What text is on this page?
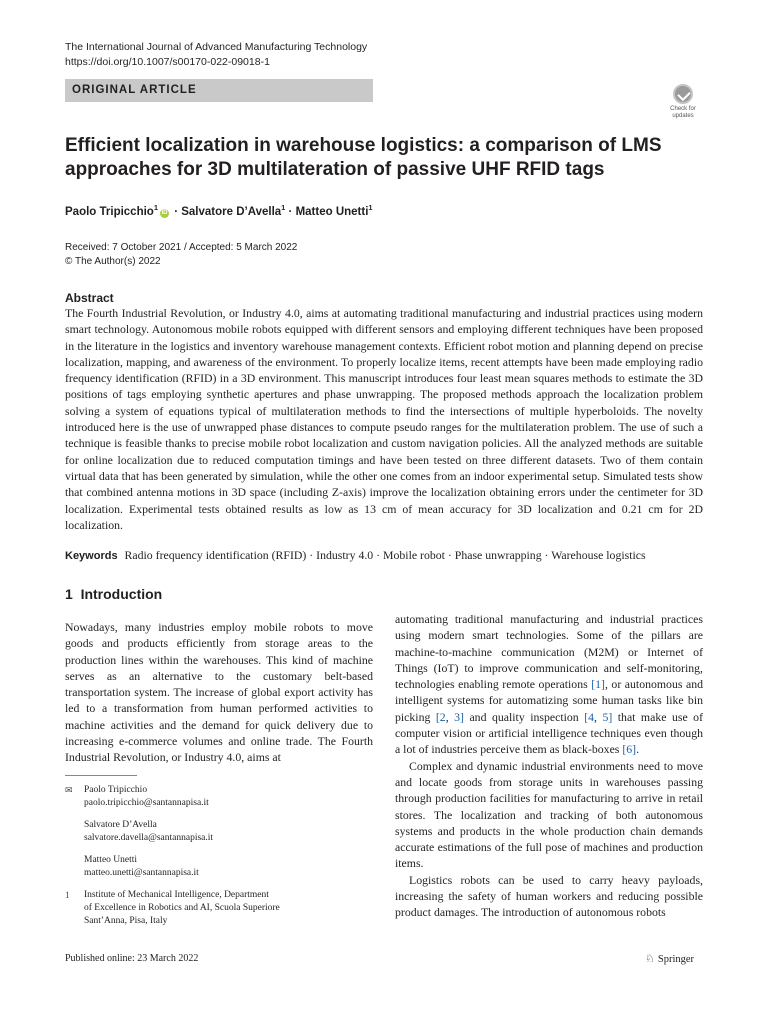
The International Journal of Advanced Manufacturing Technology
https://doi.org/10.1007/s00170-022-09018-1
ORIGINAL ARTICLE
Check for
updates
Efficient localization in warehouse logistics: a comparison of LMS approaches for 3D multilateration of passive UHF RFID tags
Paolo Tripicchio$^1$iD · Salvatore D’Avella$^1$ · Matteo Unetti$^1$
Received: 7 October 2021 / Accepted: 5 March 2022
© The Author(s) 2022
Abstract
The Fourth Industrial Revolution, or Industry 4.0, aims at automating traditional manufacturing and industrial practices using modern smart technology. Autonomous mobile robots equipped with different sensors and employing different techniques have been proposed in the literature in the logistics and inventory warehouse management contexts. Efficient robot motion and planning depend on precise localization, mapping, and awareness of the environment. To properly localize items, recent attempts have been made employing radio frequency identification (RFID) in a 3D environment. This manuscript introduces four least mean squares methods to estimate the 3D positions of tags employing synthetic apertures and phase unwrapping. The proposed methods approach the localization problem solving a system of equations typical of multilateration methods to find the intersections of multiple hyperboloids. The novelty introduced here is the use of unwrapped phase distances to compute pseudo ranges for the multilateration problem. The use of such a technique is feasible thanks to precise mobile robot localization and custom navigation policies. All the analyzed methods are suitable for online localization due to reduced computation timings and have been tested on three different datasets. Two of them contain virtual data that has been generated by simulation, while the other one comes from an indoor experimental setup. Simulated tests show that combined antenna motions in 3D space (including Z-axis) improve the localization obtaining errors under the centimeter for 3D localization. Experimental tests obtained results as low as 13 cm of mean accuracy for 3D localization and 0.21 cm for 2D localization.
Keywords Radio frequency identification (RFID) · Industry 4.0 · Mobile robot · Phase unwrapping · Warehouse logistics
1 Introduction

Nowadays, many industries employ mobile robots to move goods and products efficiently from storage areas to the production lines within the warehouses. This kind of machine serves as an alternative to the customary belt-based transportation system. The increase of global export activity has led to a transformation from human performed activities to machine activities and the demand for quick delivery due to increasing e-commerce volumes and online trade. The Fourth Industrial Revolution, or Industry 4.0, aims at

automating traditional manufacturing and industrial practices using modern smart technologies. Some of the pillars are machine-to-machine communication (M2M) or Internet of Things (IoT) to improve communication and self-monitoring, technologies enabling remote operations [1], or autonomous and intelligent systems for automatizing some human tasks like bin picking [2, 3] and quality inspection [4, 5] that make use of computer vision or artificial intelligence techniques even though a lot of industries perceive them as black-boxes [6].

Complex and dynamic industrial environments need to move and locate goods from storage units in warehouses passing through production facilities for manufacturing to arrive in retail stores. The localization and tracking of both autonomous systems and products in the whole production chain demands accurate estimations of the full pose of machines and production items.

Logistics robots can be used to carry heavy payloads, increasing the safety of human workers and reducing possible product damages. The introduction of autonomous robots

✉ Paolo Tripicchio
paolo.tripicchio@santannapisa.it
Salvatore D’Avella
salvatore.davella@santannapisa.it
Matteo Unetti
matteo.unetti@santannapisa.it
1 Institute of Mechanical Intelligence, Department
of Excellence in Robotics and AI, Scuola Superiore
Sant’Anna, Pisa, Italy
Published online: 23 March 2022	♘ Springer
